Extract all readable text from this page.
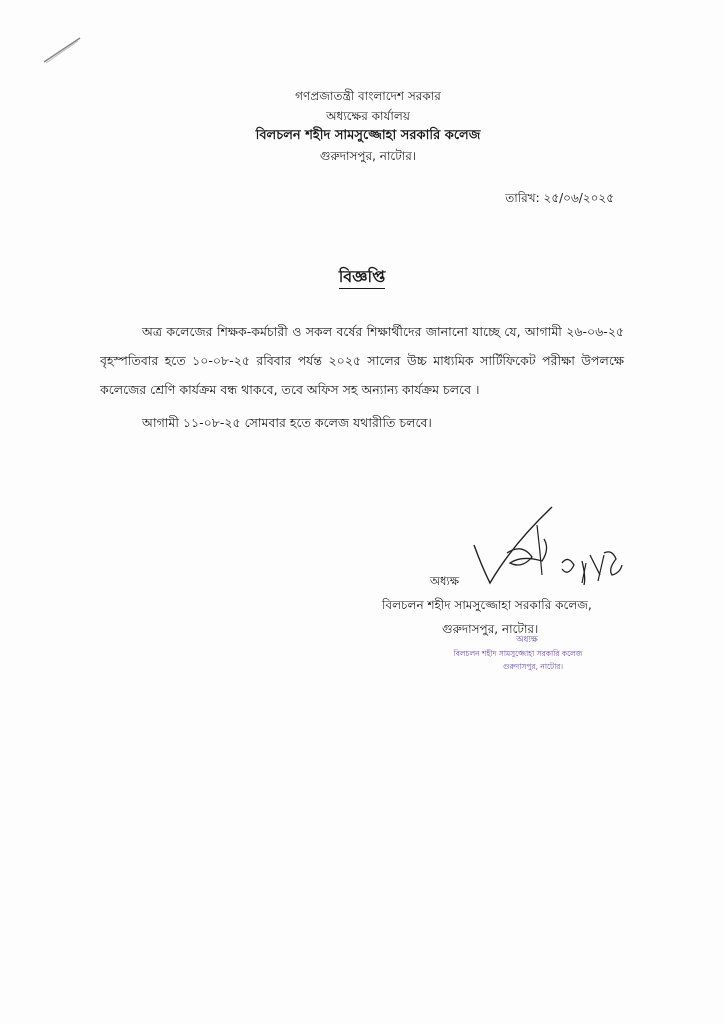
গণপ্রজাতন্ত্রী বাংলাদেশ সরকার
অধ্যক্ষের কার্যালয়
বিলচলন শহীদ সামসুজ্জোহা সরকারি কলেজ
গুরুদাসপুর, নাটোর।
তারিখ: ২৫/০৬/২০২৫
বিজ্ঞপ্তি

অত্র কলেজের শিক্ষক-কর্মচারী ও সকল বর্ষের শিক্ষার্থীদের জানানো যাচ্ছে যে, আগামী ২৬-০৬-২৫ বৃহস্পতিবার হতে ১০-০৮-২৫ রবিবার পর্যন্ত ২০২৫ সালের উচ্চ মাধ্যমিক সার্টিফিকেট পরীক্ষা উপলক্ষে কলেজের শ্রেণি কার্যক্রম বন্ধ থাকবে, তবে অফিস সহ অন্যান্য কার্যক্রম চলবে ।

আগামী ১১-০৮-২৫ সোমবার হতে কলেজ যথারীতি চলবে।

অধ্যক্ষ
বিলচলন শহীদ সামসুজ্জোহা সরকারি কলেজ,
গুরুদাসপুর, নাটোর।
অধ্যক্ষ
বিলচলন শহীদ সামসুজ্জোহা সরকারি কলেজ
গুরুদাসপুর, নাটোর।
